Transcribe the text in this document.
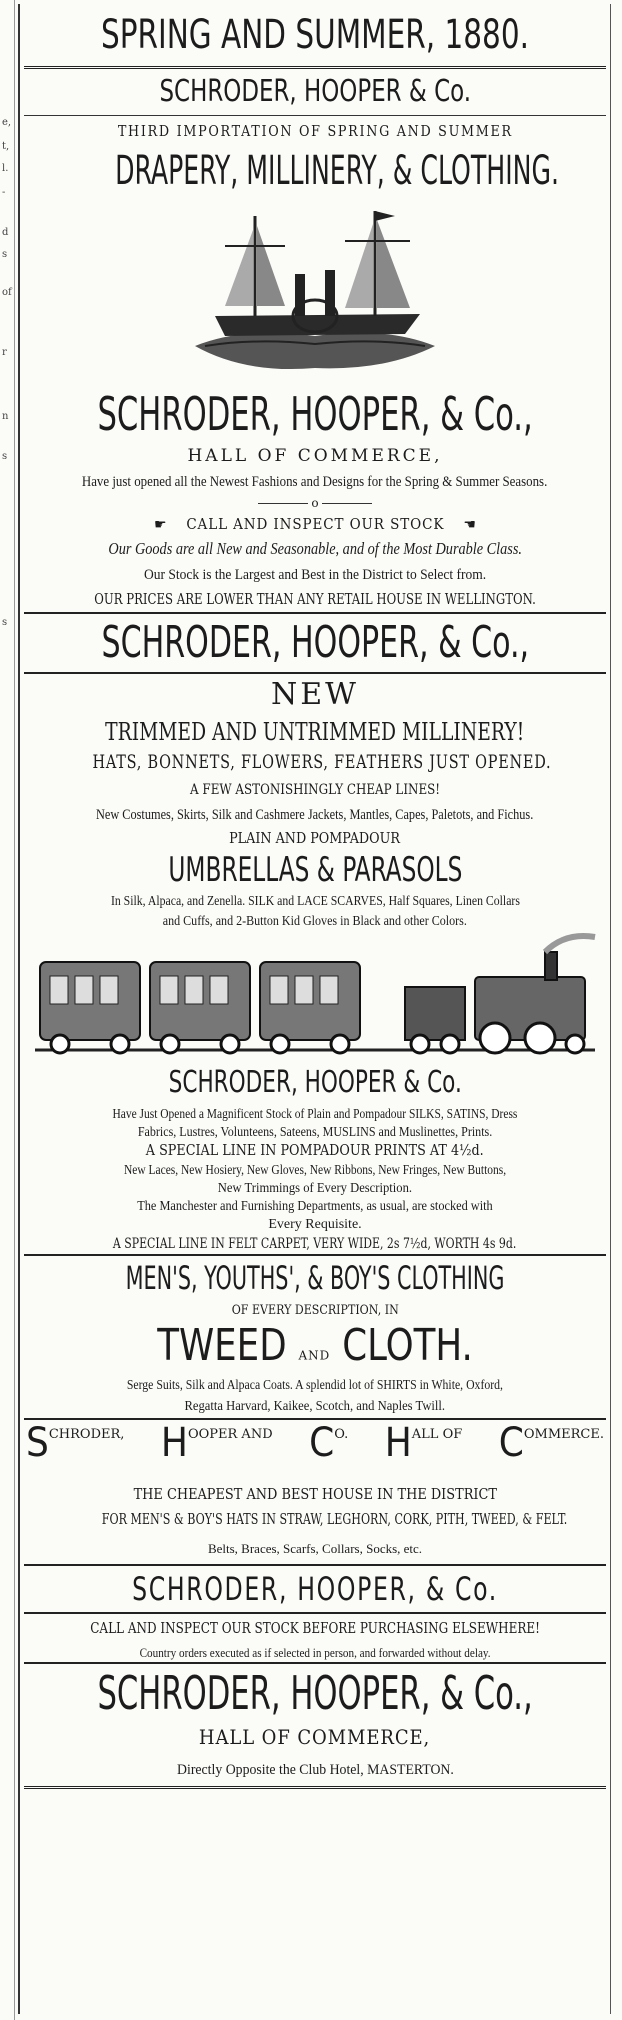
e,
t,
l.
-
d
s
of
r
n
s
s
SPRING AND SUMMER, 1880.
SCHRODER, HOOPER & Co.
THIRD IMPORTATION OF SPRING AND SUMMER
DRAPERY, MILLINERY, & CLOTHING.
SCHRODER, HOOPER, & Co.,
HALL OF COMMERCE,
Have just opened all the Newest Fashions and Designs for the Spring & Summer Seasons.
o
☛ CALL AND INSPECT OUR STOCK ☚
Our Goods are all New and Seasonable, and of the Most Durable Class.
Our Stock is the Largest and Best in the District to Select from.
OUR PRICES ARE LOWER THAN ANY RETAIL HOUSE IN WELLINGTON.
SCHRODER, HOOPER, & Co.,
NEW
TRIMMED AND UNTRIMMED MILLINERY!
HATS, BONNETS, FLOWERS, FEATHERS JUST OPENED.
A FEW ASTONISHINGLY CHEAP LINES!
New Costumes, Skirts, Silk and Cashmere Jackets, Mantles, Capes, Paletots, and Fichus.
PLAIN AND POMPADOUR
UMBRELLAS & PARASOLS
In Silk, Alpaca, and Zenella. SILK and LACE SCARVES, Half Squares, Linen Collars
and Cuffs, and 2-Button Kid Gloves in Black and other Colors.
SCHRODER, HOOPER & Co.
Have Just Opened a Magnificent Stock of Plain and Pompadour SILKS, SATINS, Dress
Fabrics, Lustres, Volunteens, Sateens, MUSLINS and Muslinettes, Prints.
A SPECIAL LINE IN POMPADOUR PRINTS AT 4½d.
New Laces, New Hosiery, New Gloves, New Ribbons, New Fringes, New Buttons,
New Trimmings of Every Description.
The Manchester and Furnishing Departments, as usual, are stocked with
Every Requisite.
A SPECIAL LINE IN FELT CARPET, VERY WIDE, 2s 7½d, WORTH 4s 9d.
MEN'S, YOUTHS', & BOY'S CLOTHING
OF EVERY DESCRIPTION, IN
TWEED AND CLOTH.
Serge Suits, Silk and Alpaca Coats. A splendid lot of SHIRTS in White, Oxford,
Regatta Harvard, Kaikee, Scotch, and Naples Twill.
SCHRODER, HOOPER AND CO. HALL OF COMMERCE.
THE CHEAPEST AND BEST HOUSE IN THE DISTRICT
FOR MEN'S & BOY'S HATS IN STRAW, LEGHORN, CORK, PITH, TWEED, & FELT.
Belts, Braces, Scarfs, Collars, Socks, etc.
SCHRODER, HOOPER, & Co.
CALL AND INSPECT OUR STOCK BEFORE PURCHASING ELSEWHERE!
Country orders executed as if selected in person, and forwarded without delay.
SCHRODER, HOOPER, & Co.,
HALL OF COMMERCE,
Directly Opposite the Club Hotel, MASTERTON.
